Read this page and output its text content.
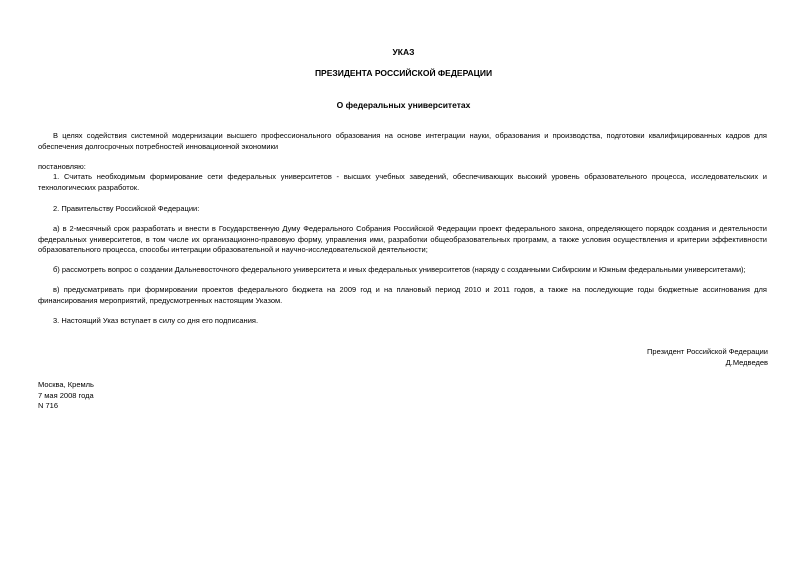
УКАЗ
ПРЕЗИДЕНТА РОССИЙСКОЙ ФЕДЕРАЦИИ
О федеральных университетах
В целях содействия системной модернизации высшего профессионального образования на основе интеграции науки, образования и производства, подготовки квалифицированных кадров для обеспечения долгосрочных потребностей инновационной экономики
постановляю:
1. Считать необходимым формирование сети федеральных университетов - высших учебных заведений, обеспечивающих высокий уровень образовательного процесса, исследовательских и технологических разработок.
2. Правительству Российской Федерации:
а) в 2-месячный срок разработать и внести в Государственную Думу Федерального Собрания Российской Федерации проект федерального закона, определяющего порядок создания и деятельности федеральных университетов, в том числе их организационно-правовую форму, управления ими, разработки общеобразовательных программ, а также условия осуществления и критерии эффективности образовательного процесса, способы интеграции образовательной и научно-исследовательской деятельности;
б) рассмотреть вопрос о создании Дальневосточного федерального университета и иных федеральных университетов (наряду с созданными Сибирским и Южным федеральными университетами);
в) предусматривать при формировании проектов федерального бюджета на 2009 год и на плановый период 2010 и 2011 годов, а также на последующие годы бюджетные ассигнования для финансирования мероприятий, предусмотренных настоящим Указом.
3. Настоящий Указ вступает в силу со дня его подписания.
Президент Российской Федерации
Д.Медведев
Москва, Кремль
7 мая 2008 года
N 716
